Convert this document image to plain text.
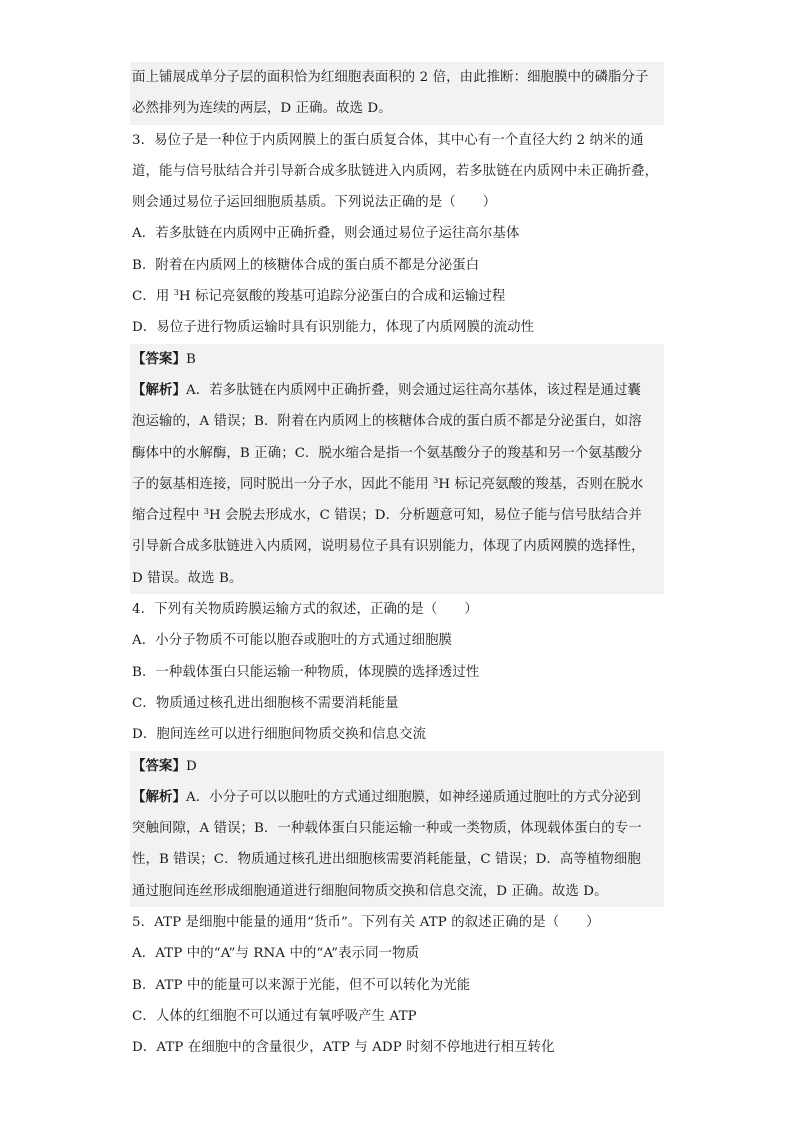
面上铺展成单分子层的面积恰为红细胞表面积的 2 倍，由此推断：细胞膜中的磷脂分子
必然排列为连续的两层，D 正确。故选 D。
3．易位子是一种位于内质网膜上的蛋白质复合体，其中心有一个直径大约 2 纳米的通
道，能与信号肽结合并引导新合成多肽链进入内质网，若多肽链在内质网中未正确折叠，
则会通过易位子运回细胞质基质。下列说法正确的是（　　）
A．若多肽链在内质网中正确折叠，则会通过易位子运往高尔基体
B．附着在内质网上的核糖体合成的蛋白质不都是分泌蛋白
C．用 $^3$H 标记亮氨酸的羧基可追踪分泌蛋白的合成和运输过程
D．易位子进行物质运输时具有识别能力，体现了内质网膜的流动性
【答案】B
【解析】A．若多肽链在内质网中正确折叠，则会通过运往高尔基体，该过程是通过囊
泡运输的，A 错误；B．附着在内质网上的核糖体合成的蛋白质不都是分泌蛋白，如溶
酶体中的水解酶，B 正确；C．脱水缩合是指一个氨基酸分子的羧基和另一个氨基酸分
子的氨基相连接，同时脱出一分子水，因此不能用 $^3$H 标记亮氨酸的羧基，否则在脱水
缩合过程中 $^3$H 会脱去形成水，C 错误；D．分析题意可知，易位子能与信号肽结合并
引导新合成多肽链进入内质网，说明易位子具有识别能力，体现了内质网膜的选择性，
D 错误。故选 B。
4．下列有关物质跨膜运输方式的叙述，正确的是（　　）
A．小分子物质不可能以胞吞或胞吐的方式通过细胞膜
B．一种载体蛋白只能运输一种物质，体现膜的选择透过性
C．物质通过核孔进出细胞核不需要消耗能量
D．胞间连丝可以进行细胞间物质交换和信息交流
【答案】D
【解析】A．小分子可以以胞吐的方式通过细胞膜，如神经递质通过胞吐的方式分泌到
突触间隙，A 错误；B．一种载体蛋白只能运输一种或一类物质，体现载体蛋白的专一
性，B 错误；C．物质通过核孔进出细胞核需要消耗能量，C 错误；D．高等植物细胞
通过胞间连丝形成细胞通道进行细胞间物质交换和信息交流，D 正确。故选 D。
5．ATP 是细胞中能量的通用“货币”。下列有关 ATP 的叙述正确的是（　　）
A．ATP 中的“A”与 RNA 中的“A”表示同一物质
B．ATP 中的能量可以来源于光能，但不可以转化为光能
C．人体的红细胞不可以通过有氧呼吸产生 ATP
D．ATP 在细胞中的含量很少，ATP 与 ADP 时刻不停地进行相互转化
